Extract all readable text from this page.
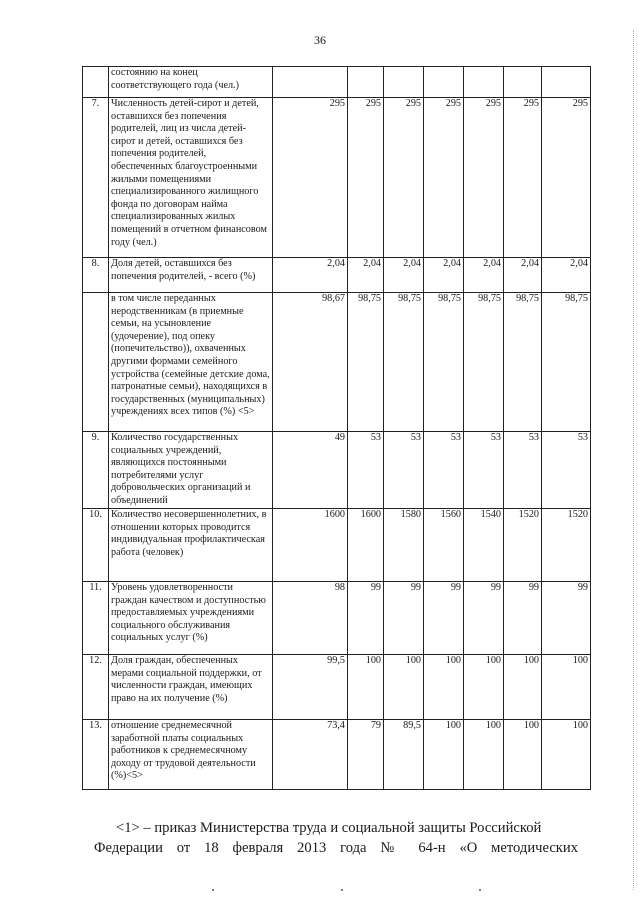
36
	состоянию на конец соответствующего года (чел.)							
7.	Численность детей-сирот и детей, оставшихся без попечения родителей, лиц из числа детей-сирот и детей, оставшихся без попечения родителей, обеспеченных благоустроенными жилыми помещениями специализированного жилищного фонда по договорам найма специализированных жилых помещений в отчетном финансовом году (чел.)	295	295	295	295	295	295	295
8.	Доля детей, оставшихся без попечения родителей, - всего (%)	2,04	2,04	2,04	2,04	2,04	2,04	2,04
	в том числе переданных неродственникам (в приемные семьи, на усыновление (удочерение), под опеку (попечительство)), охваченных другими формами семейного устройства (семейные детские дома, патронатные семьи), находящихся в государственных (муниципальных) учреждениях всех типов (%) <5>	98,67	98,75	98,75	98,75	98,75	98,75	98,75
9.	Количество государственных социальных учреждений, являющихся постоянными потребителями услуг добровольческих организаций и объединений	49	53	53	53	53	53	53
10.	Количество несовершеннолетних, в отношении которых проводится индивидуальная профилактическая работа (человек)	1600	1600	1580	1560	1540	1520	1520
11.	Уровень удовлетворенности граждан качеством и доступностью предоставляемых учреждениями социального обслуживания социальных услуг (%)	98	99	99	99	99	99	99
12.	Доля граждан, обеспеченных мерами социальной поддержки, от численности граждан, имеющих право на их получение (%)	99,5	100	100	100	100	100	100
13.	отношение среднемесячной заработной платы социальных работников к среднемесячному доходу от трудовой деятельности (%)<5>	73,4	79	89,5	100	100	100	100
<1> – приказ Министерства труда и социальной защиты Российской
Федерации от 18 февраля 2013 года № 64-н «О методических
